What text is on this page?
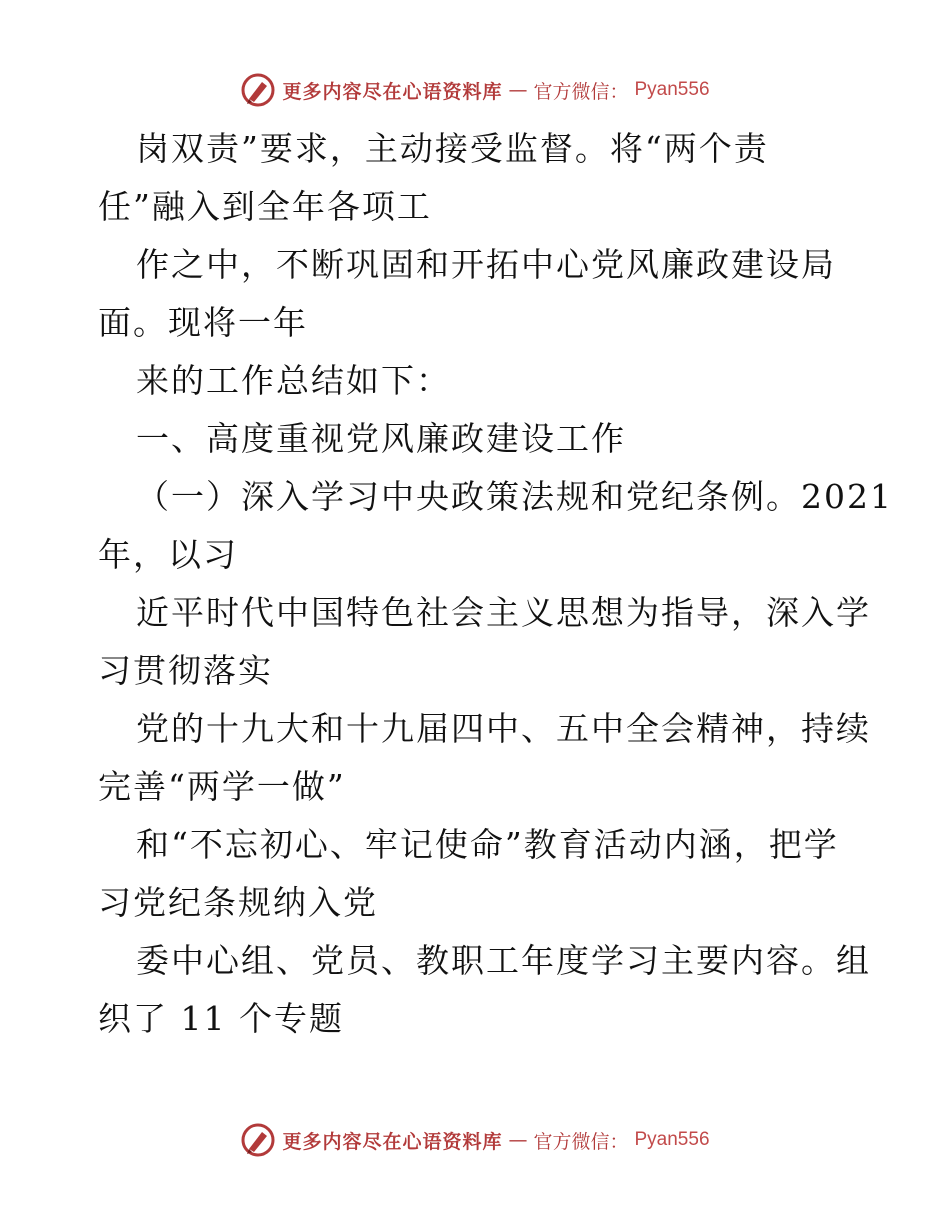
更多内容尽在心语资料库 — 官方微信： Pyan556
岗双责”要求，主动接受监督。将“两个责
任”融入到全年各项工
作之中，不断巩固和开拓中心党风廉政建设局
面。现将一年
来的工作总结如下：
一、高度重视党风廉政建设工作
（一）深入学习中央政策法规和党纪条例。2021
年，以习
近平时代中国特色社会主义思想为指导，深入学
习贯彻落实
党的十九大和十九届四中、五中全会精神，持续
完善“两学一做”
和“不忘初心、牢记使命”教育活动内涵，把学
习党纪条规纳入党
委中心组、党员、教职工年度学习主要内容。组
织了 11 个专题
更多内容尽在心语资料库 — 官方微信： Pyan556
